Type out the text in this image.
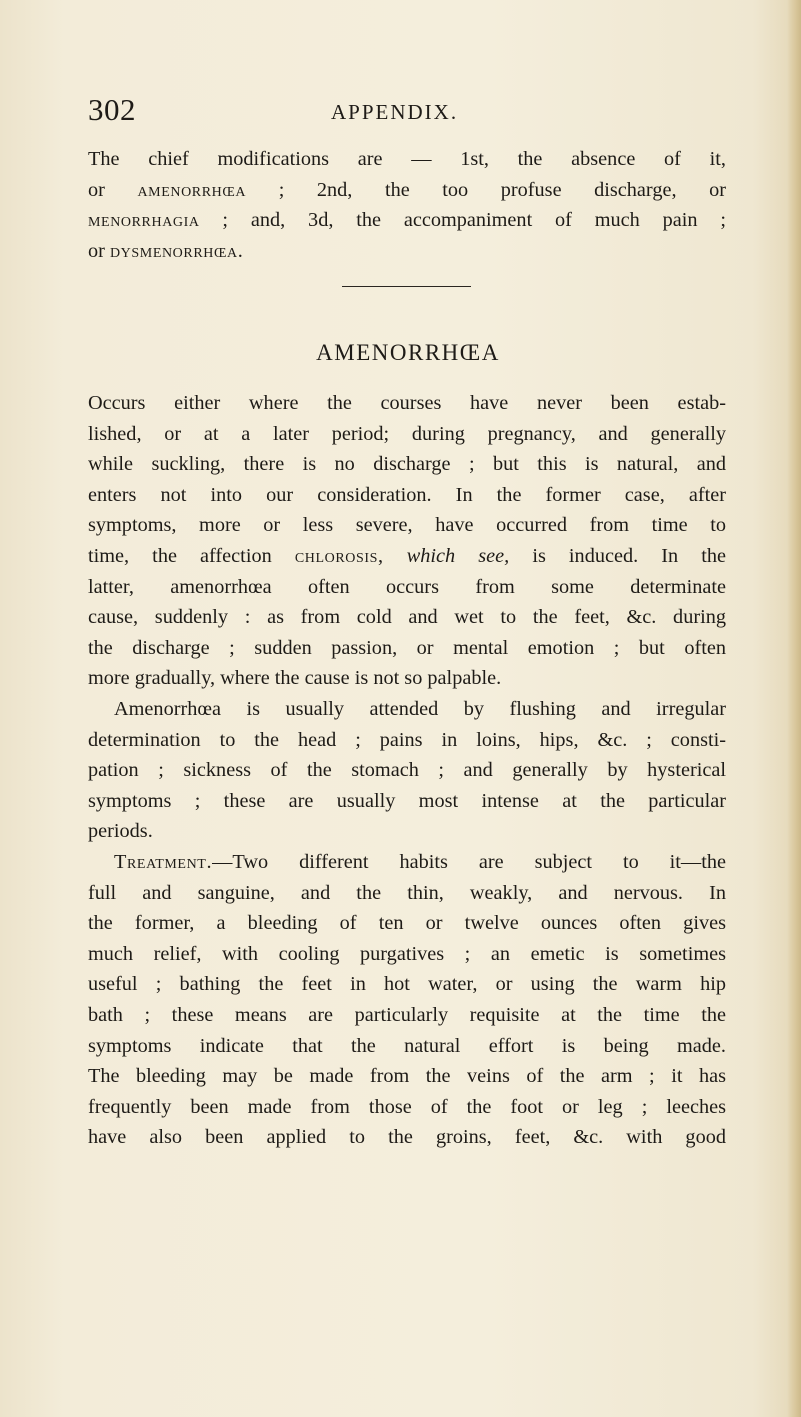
302	APPENDIX.
The chief modifications are — 1st, the absence of it,
or amenorrhœa ; 2nd, the too profuse discharge, or
menorrhagia ; and, 3d, the accompaniment of much pain ;
or dysmenorrhœa.
AMENORRHŒA
Occurs either where the courses have never been estab-
lished, or at a later period; during pregnancy, and generally
while suckling, there is no discharge ; but this is natural, and
enters not into our consideration. In the former case, after
symptoms, more or less severe, have occurred from time to
time, the affection chlorosis, which see, is induced. In the
latter, amenorrhœa often occurs from some determinate
cause, suddenly : as from cold and wet to the feet, &c. during
the discharge ; sudden passion, or mental emotion ; but often
more gradually, where the cause is not so palpable.
Amenorrhœa is usually attended by flushing and irregular
determination to the head ; pains in loins, hips, &c. ; consti-
pation ; sickness of the stomach ; and generally by hysterical
symptoms ; these are usually most intense at the particular
periods.
Treatment.—Two different habits are subject to it—the
full and sanguine, and the thin, weakly, and nervous. In
the former, a bleeding of ten or twelve ounces often gives
much relief, with cooling purgatives ; an emetic is sometimes
useful ; bathing the feet in hot water, or using the warm hip
bath ; these means are particularly requisite at the time the
symptoms indicate that the natural effort is being made.
The bleeding may be made from the veins of the arm ; it has
frequently been made from those of the foot or leg ; leeches
have also been applied to the groins, feet, &c. with good
